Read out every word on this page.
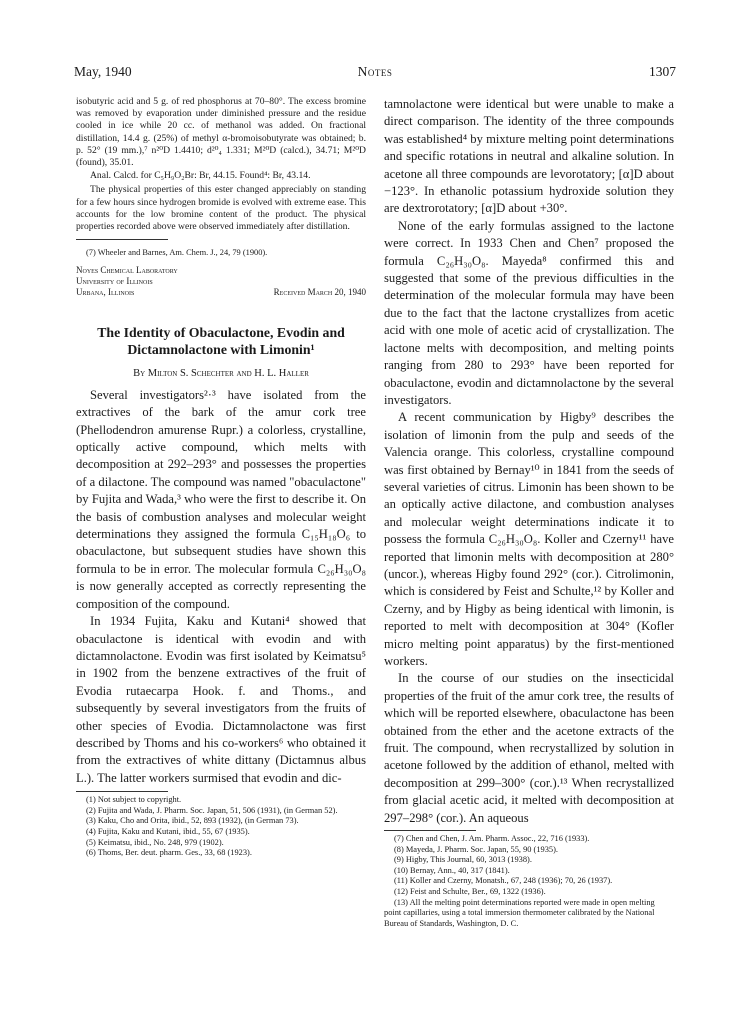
May, 1940	Notes	1307

isobutyric acid and 5 g. of red phosphorus at 70–80°. The excess bromine was removed by evaporation under diminished pressure and the residue cooled in ice while 20 cc. of methanol was added. On fractional distillation, 14.4 g. (25%) of methyl α-bromoisobutyrate was obtained; b. p. 52° (19 mm.),⁷ n²⁰D 1.4410; d²⁰₄ 1.331; M²⁰D (calcd.), 34.71; M²⁰D (found), 35.01.

Anal. Calcd. for C₅H₉O₂Br: Br, 44.15. Found⁴: Br, 43.14.

The physical properties of this ester changed appreciably on standing for a few hours since hydrogen bromide is evolved with extreme ease. This accounts for the low bromine content of the product. The physical properties recorded above were observed immediately after distillation.

(7) Wheeler and Barnes, Am. Chem. J., 24, 79 (1900).

Noyes Chemical Laboratory
University of Illinois
Urbana, Illinois	Received March 20, 1940
The Identity of Obaculactone, Evodin and
Dictamnolactone with Limonin¹
By Milton S. Schechter and H. L. Haller

Several investigators²·³ have isolated from the extractives of the bark of the amur cork tree (Phellodendron amurense Rupr.) a colorless, crystalline, optically active compound, which melts with decomposition at 292–293° and possesses the properties of a dilactone. The compound was named "obaculactone" by Fujita and Wada,³ who were the first to describe it. On the basis of combustion analyses and molecular weight determinations they assigned the formula C₁₅H₁₈O₆ to obaculactone, but subsequent studies have shown this formula to be in error. The molecular formula C₂₆H₃₀O₈ is now generally accepted as correctly representing the composition of the compound.

In 1934 Fujita, Kaku and Kutani⁴ showed that obaculactone is identical with evodin and with dictamnolactone. Evodin was first isolated by Keimatsu⁵ in 1902 from the benzene extractives of the fruit of Evodia rutaecarpa Hook. f. and Thoms., and subsequently by several investigators from the fruits of other species of Evodia. Dictamnolactone was first described by Thoms and his co-workers⁶ who obtained it from the extractives of white dittany (Dictamnus albus L.). The latter workers surmised that evodin and dic-

(1) Not subject to copyright.

(2) Fujita and Wada, J. Pharm. Soc. Japan, 51, 506 (1931), (in German 52).

(3) Kaku, Cho and Orita, ibid., 52, 893 (1932), (in German 73).

(4) Fujita, Kaku and Kutani, ibid., 55, 67 (1935).

(5) Keimatsu, ibid., No. 248, 979 (1902).

(6) Thoms, Ber. deut. pharm. Ges., 33, 68 (1923).

tamnolactone were identical but were unable to make a direct comparison. The identity of the three compounds was established⁴ by mixture melting point determinations and specific rotations in neutral and alkaline solution. In acetone all three compounds are levorotatory; [α]D about −123°. In ethanolic potassium hydroxide solution they are dextrorotatory; [α]D about +30°.

None of the early formulas assigned to the lactone were correct. In 1933 Chen and Chen⁷ proposed the formula C₂₆H₃₀O₈. Mayeda⁸ confirmed this and suggested that some of the previous difficulties in the determination of the molecular formula may have been due to the fact that the lactone crystallizes from acetic acid with one mole of acetic acid of crystallization. The lactone melts with decomposition, and melting points ranging from 280 to 293° have been reported for obaculactone, evodin and dictamnolactone by the several investigators.

A recent communication by Higby⁹ describes the isolation of limonin from the pulp and seeds of the Valencia orange. This colorless, crystalline compound was first obtained by Bernay¹⁰ in 1841 from the seeds of several varieties of citrus. Limonin has been shown to be an optically active dilactone, and combustion analyses and molecular weight determinations indicate it to possess the formula C₂₆H₃₀O₈. Koller and Czerny¹¹ have reported that limonin melts with decomposition at 280° (uncor.), whereas Higby found 292° (cor.). Citrolimonin, which is considered by Feist and Schulte,¹² by Koller and Czerny, and by Higby as being identical with limonin, is reported to melt with decomposition at 304° (Kofler micro melting point apparatus) by the first-mentioned workers.

In the course of our studies on the insecticidal properties of the fruit of the amur cork tree, the results of which will be reported elsewhere, obaculactone has been obtained from the ether and the acetone extracts of the fruit. The compound, when recrystallized by solution in acetone followed by the addition of ethanol, melted with decomposition at 299–300° (cor.).¹³ When recrystallized from glacial acetic acid, it melted with decomposition at 297–298° (cor.). An aqueous

(7) Chen and Chen, J. Am. Pharm. Assoc., 22, 716 (1933).

(8) Mayeda, J. Pharm. Soc. Japan, 55, 90 (1935).

(9) Higby, This Journal, 60, 3013 (1938).

(10) Bernay, Ann., 40, 317 (1841).

(11) Koller and Czerny, Monatsh., 67, 248 (1936); 70, 26 (1937).

(12) Feist and Schulte, Ber., 69, 1322 (1936).

(13) All the melting point determinations reported were made in open melting point capillaries, using a total immersion thermometer calibrated by the National Bureau of Standards, Washington, D. C.
